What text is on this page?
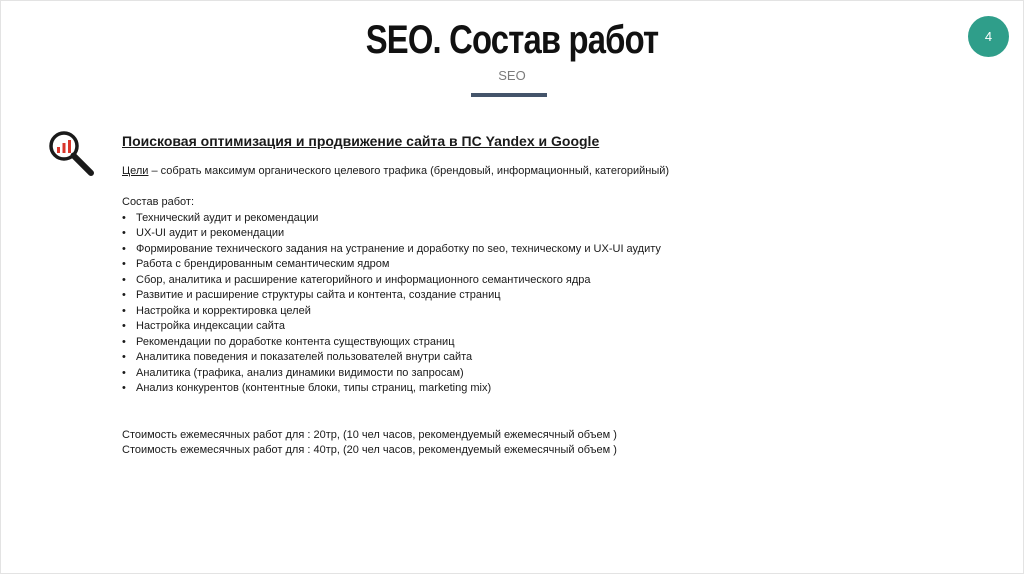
SEO. Состав работ
SEO
4

Поисковая оптимизация и продвижение сайта в ПС Yandex и Google

Цели – собрать максимум органического целевого трафика (брендовый, информационный, категорийный)

Состав работ:

• Технический аудит и рекомендации
• UX-UI аудит и рекомендации
• Формирование технического задания на устранение и доработку по seo, техническому и UX-UI аудиту
• Работа с брендированным семантическим ядром
• Сбор, аналитика и расширение категорийного и информационного семантического ядра
• Развитие и расширение структуры сайта и контента, создание страниц
• Настройка и корректировка целей
• Настройка индексации сайта
• Рекомендации по доработке контента существующих страниц
• Аналитика поведения и показателей пользователей внутри сайта
• Аналитика (трафика, анализ динамики видимости по запросам)
• Анализ конкурентов (контентные блоки, типы страниц, marketing mix)

Стоимость ежемесячных работ для : 20тр, (10 чел часов, рекомендуемый ежемесячный объем )

Стоимость ежемесячных работ для : 40тр, (20 чел часов, рекомендуемый ежемесячный объем )
